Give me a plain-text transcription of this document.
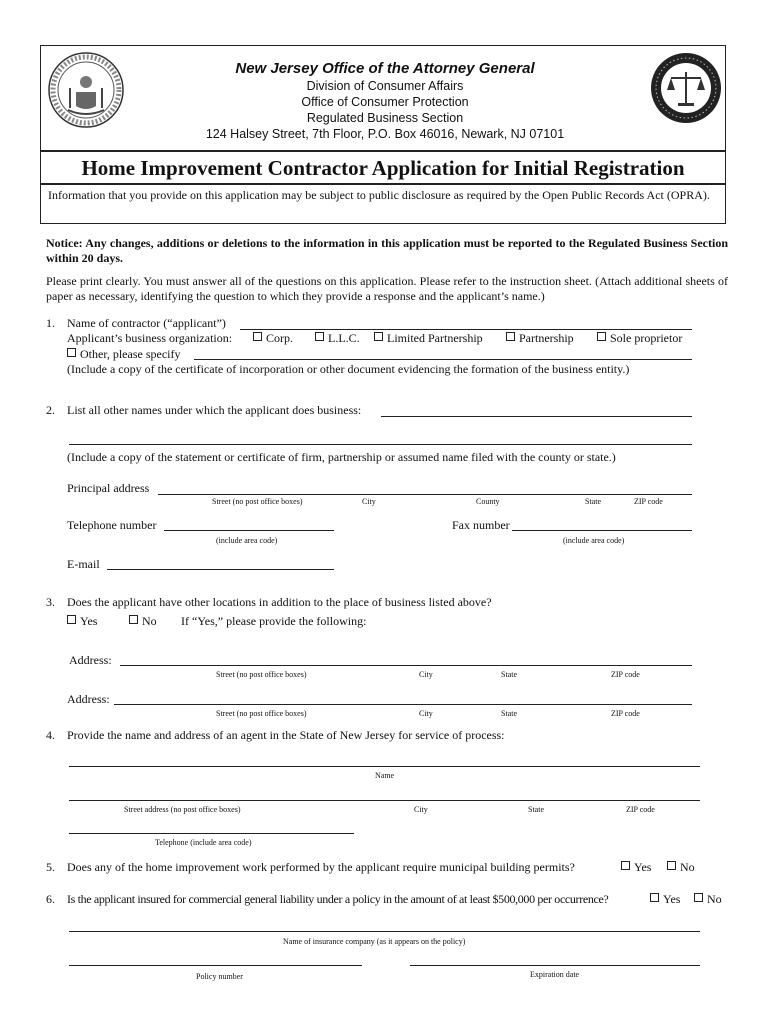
New Jersey Office of the Attorney General
Division of Consumer Affairs
Office of Consumer Protection
Regulated Business Section
124 Halsey Street, 7th Floor, P.O. Box 46016, Newark, NJ 07101
Home Improvement Contractor Application for Initial Registration
Information that you provide on this application may be subject to public disclosure as required by the Open Public Records Act (OPRA).
Notice: Any changes, additions or deletions to the information in this application must be reported to the Regulated Business Section within 20 days.
Please print clearly. You must answer all of the questions on this application. Please refer to the instruction sheet. (Attach additional sheets of paper as necessary, identifying the question to which they provide a response and the applicant’s name.)
1. Name of contractor (“applicant”)
Applicant’s business organization:	Corp.	L.L.C.	Limited Partnership	Partnership	Sole proprietor
Other, please specify
(Include a copy of the certificate of incorporation or other document evidencing the formation of the business entity.)
2. List all other names under which the applicant does business:
(Include a copy of the statement or certificate of firm, partnership or assumed name filed with the county or state.)
Principal address
Street (no post office boxes)	City	County	State	ZIP code
Telephone number
(include area code)
Fax number
(include area code)
E-mail
3. Does the applicant have other locations in addition to the place of business listed above?
Yes	No If “Yes,” please provide the following:
Address:
Street (no post office boxes)	City	State	ZIP code
Address:
Street (no post office boxes)	City	State	ZIP code
4. Provide the name and address of an agent in the State of New Jersey for service of process:
Name
Street address (no post office boxes)	City	State	ZIP code
Telephone (include area code)
5. Does any of the home improvement work performed by the applicant require municipal building permits?	Yes	No
6. Is the applicant insured for commercial general liability under a policy in the amount of at least $500,000 per occurrence?	Yes	No
Name of insurance company (as it appears on the policy)
Policy number	Expiration date
